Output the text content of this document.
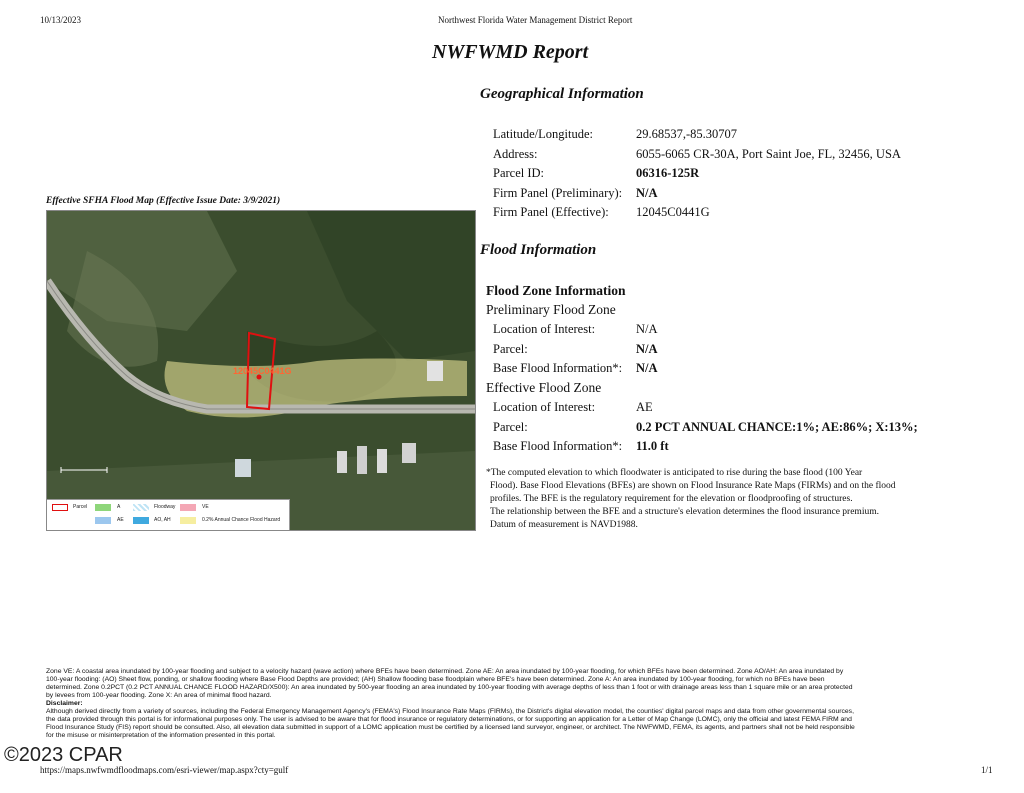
10/13/2023	Northwest Florida Water Management District Report
NWFWMD Report
Geographical Information
Latitude/Longitude:	29.68537,-85.30707
Address:	6055-6065 CR-30A, Port Saint Joe, FL, 32456, USA
Parcel ID:	06316-125R
Firm Panel (Preliminary): N/A
Firm Panel (Effective): 12045C0441G
Effective SFHA Flood Map (Effective Issue Date: 3/9/2021)
12045C0441G
Parcel	A	Floodway	VE
AE	AO, AH	0.2% Annual Chance Flood Hazard
Flood Information
Flood Zone Information
Preliminary Flood Zone
Location of Interest:	N/A
Parcel:	N/A
Base Flood Information*: N/A
Effective Flood Zone
Location of Interest:	AE
Parcel:	0.2 PCT ANNUAL CHANCE:1%; AE:86%; X:13%;
Base Flood Information*: 11.0 ft
*The computed elevation to which floodwater is anticipated to rise during the base flood (100 Year
Flood). Base Flood Elevations (BFEs) are shown on Flood Insurance Rate Maps (FIRMs) and on the flood
profiles. The BFE is the regulatory requirement for the elevation or floodproofing of structures.
The relationship between the BFE and a structure's elevation determines the flood insurance premium.
Datum of measurement is NAVD1988.
Zone VE: A coastal area inundated by 100-year flooding and subject to a velocity hazard (wave action) where BFEs have been determined. Zone AE: An area inundated by 100-year flooding, for which BFEs have been determined. Zone AO/AH: An area inundated by
100-year flooding: (AO) Sheet flow, ponding, or shallow flooding where Base Flood Depths are provided; (AH) Shallow flooding base floodplain where BFE's have been determined. Zone A: An area inundated by 100-year flooding, for which no BFEs have been
determined. Zone 0.2PCT (0.2 PCT ANNUAL CHANCE FLOOD HAZARD/X500): An area inundated by 500-year flooding an area inundated by 100-year flooding with average depths of less than 1 foot or with drainage areas less than 1 square mile or an area protected
by levees from 100-year flooding. Zone X: An area of minimal flood hazard.
Disclaimer:
Although derived directly from a variety of sources, including the Federal Emergency Management Agency's (FEMA's) Flood Insurance Rate Maps (FIRMs), the District's digital elevation model, the counties' digital parcel maps and data from other governmental sources,
the data provided through this portal is for informational purposes only. The user is advised to be aware that for flood insurance or regulatory determinations, or for supporting an application for a Letter of Map Change (LOMC), only the official and latest FEMA FIRM and
Flood Insurance Study (FIS) report should be consulted. Also, all elevation data submitted in support of a LOMC application must be certified by a licensed land surveyor, engineer, or architect. The NWFWMD, FEMA, its agents, and partners shall not be held responsible
for the misuse or misinterpretation of the information presented in this portal.
©2023 CPAR
https://maps.nwfwmdfloodmaps.com/esri-viewer/map.aspx?cty=gulf	1/1
